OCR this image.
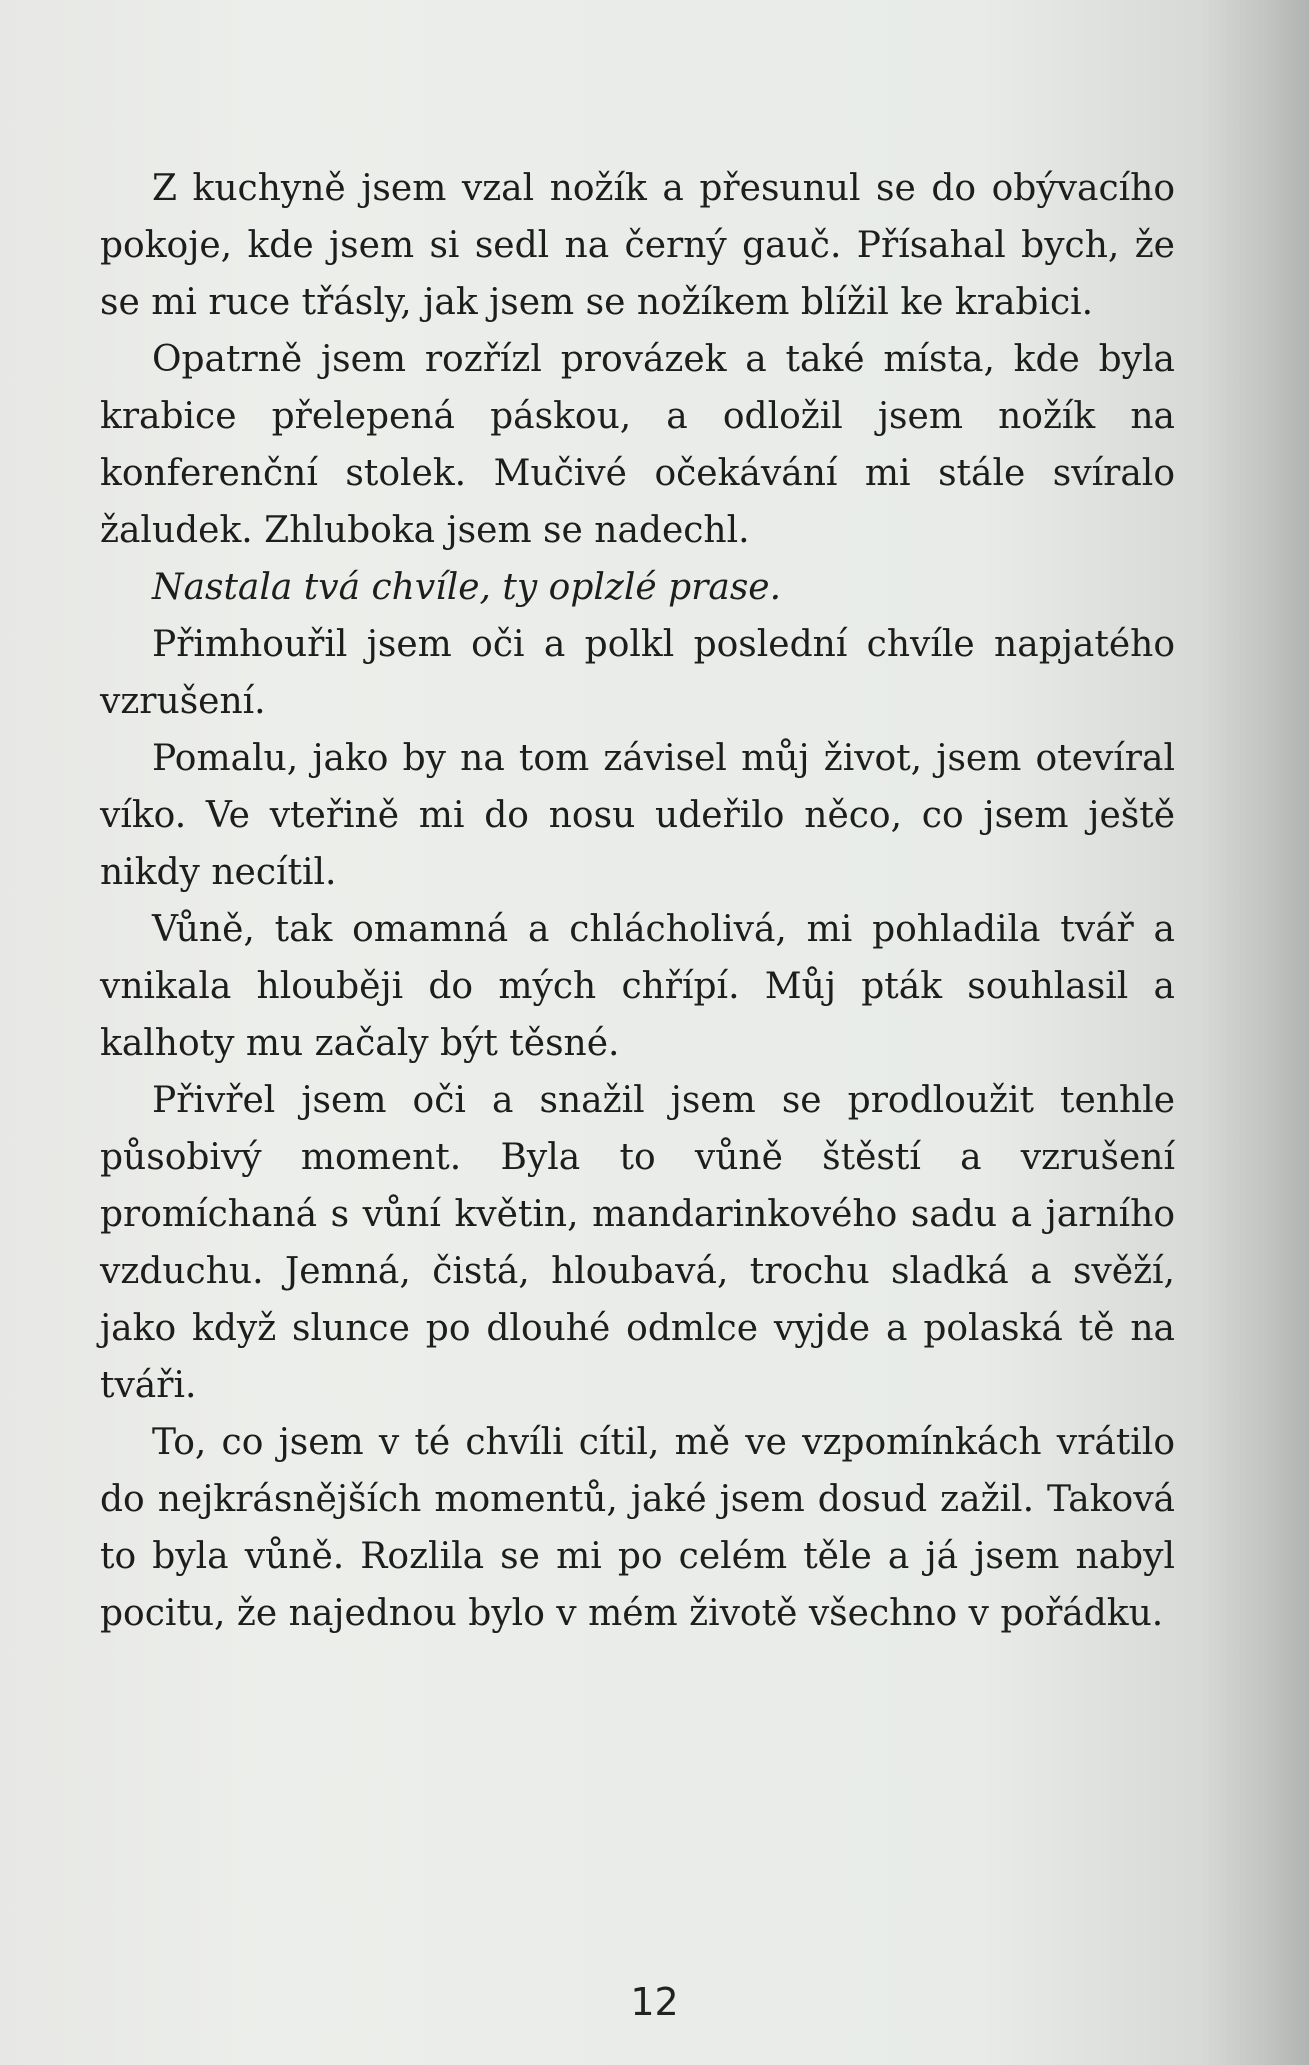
Z kuchyně jsem vzal nožík a přesunul se do obývacího pokoje, kde jsem si sedl na černý gauč. Přísahal bych, že se mi ruce třásly, jak jsem se nožíkem blížil ke krabici.

Opatrně jsem rozřízl provázek a také místa, kde byla krabice přelepená páskou, a odložil jsem nožík na konferenční stolek. Mučivé očekávání mi stále svíralo žaludek. Zhluboka jsem se nadechl.

Nastala tvá chvíle, ty oplzlé prase.

Přimhouřil jsem oči a polkl poslední chvíle napjatého vzrušení.

Pomalu, jako by na tom závisel můj život, jsem otevíral víko. Ve vteřině mi do nosu udeřilo něco, co jsem ještě nikdy necítil.

Vůně, tak omamná a chlácholivá, mi pohladila tvář a vnikala hlouběji do mých chřípí. Můj pták souhlasil a kalhoty mu začaly být těsné.

Přivřel jsem oči a snažil jsem se prodloužit tenhle působivý moment. Byla to vůně štěstí a vzrušení promíchaná s vůní květin, mandarinkového sadu a jarního vzduchu. Jemná, čistá, hloubavá, trochu sladká a svěží, jako když slunce po dlouhé odmlce vyjde a polaská tě na tváři.

To, co jsem v té chvíli cítil, mě ve vzpomínkách vrátilo do nejkrásnějších momentů, jaké jsem dosud zažil. Taková to byla vůně. Rozlila se mi po celém těle a já jsem nabyl pocitu, že najednou bylo v mém životě všechno v pořádku.

12
